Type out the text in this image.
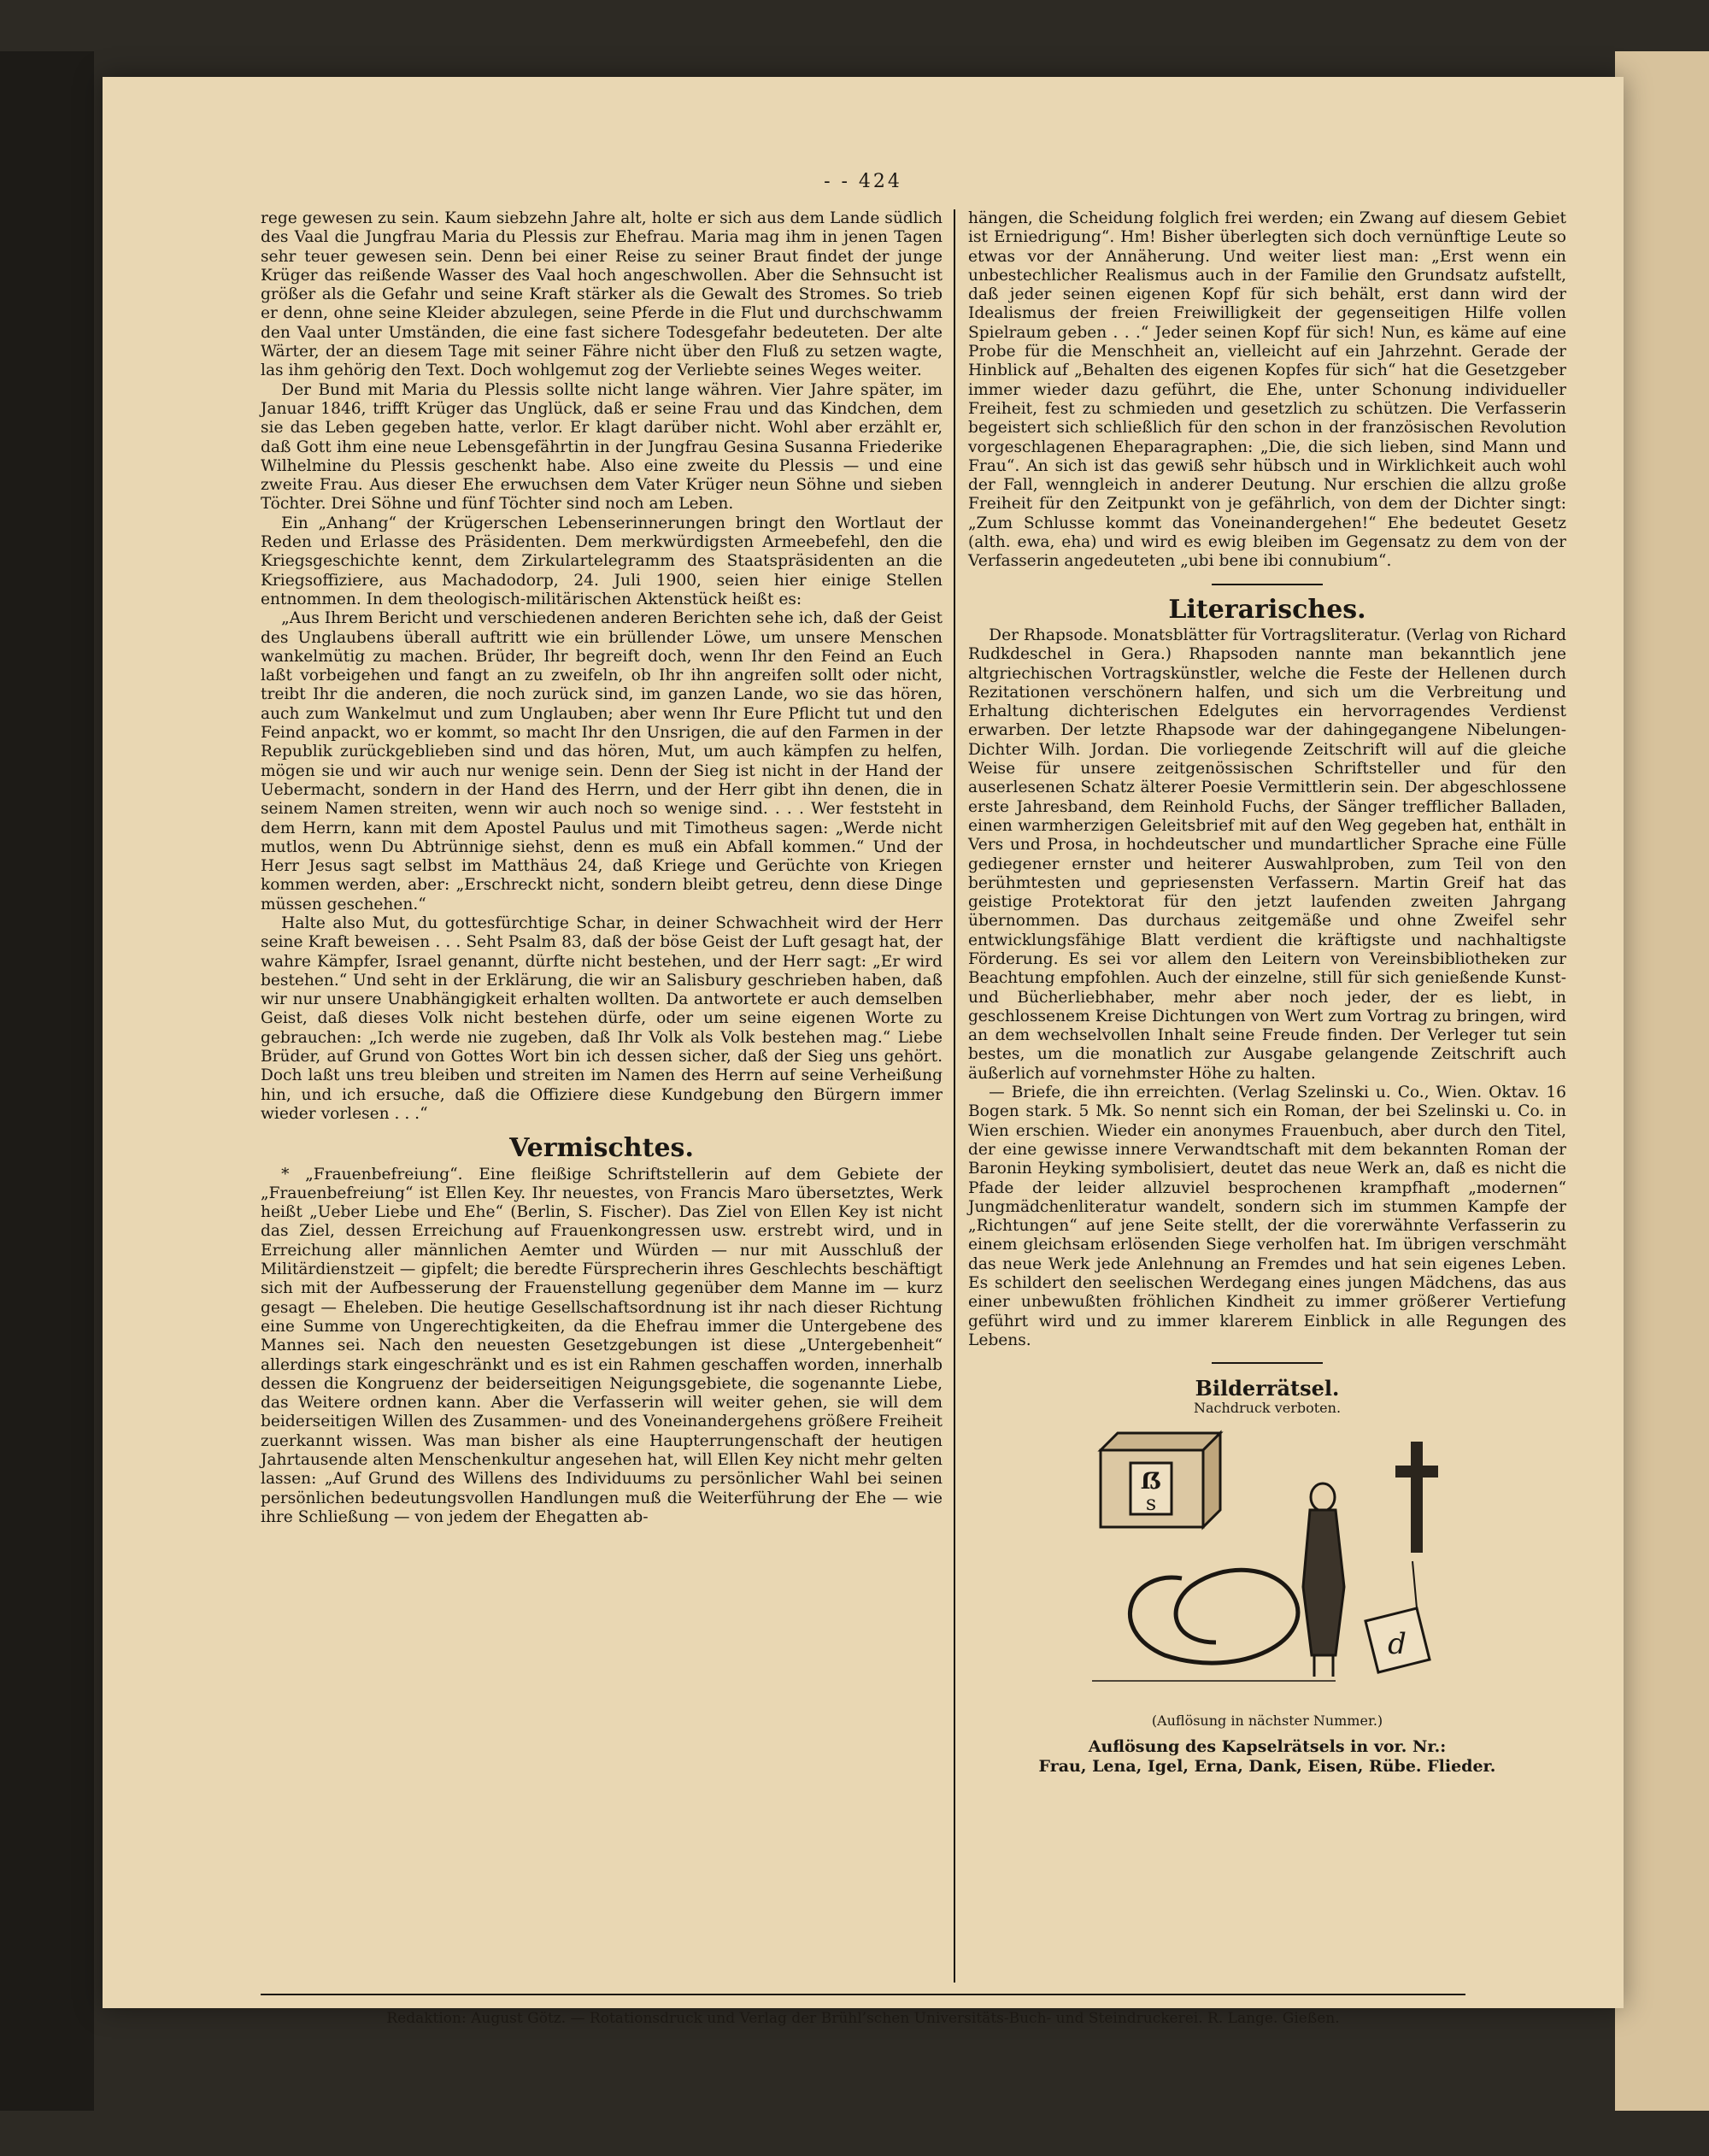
- - 424

rege gewesen zu sein. Kaum siebzehn Jahre alt, holte er sich aus dem Lande südlich des Vaal die Jungfrau Maria du Plessis zur Ehefrau. Maria mag ihm in jenen Tagen sehr teuer gewesen sein. Denn bei einer Reise zu seiner Braut findet der junge Krüger das reißende Wasser des Vaal hoch angeschwollen. Aber die Sehnsucht ist größer als die Gefahr und seine Kraft stärker als die Gewalt des Stromes. So trieb er denn, ohne seine Kleider abzulegen, seine Pferde in die Flut und durchschwamm den Vaal unter Umständen, die eine fast sichere Todesgefahr bedeuteten. Der alte Wärter, der an diesem Tage mit seiner Fähre nicht über den Fluß zu setzen wagte, las ihm gehörig den Text. Doch wohlgemut zog der Verliebte seines Weges weiter.

Der Bund mit Maria du Plessis sollte nicht lange währen. Vier Jahre später, im Januar 1846, trifft Krüger das Unglück, daß er seine Frau und das Kindchen, dem sie das Leben gegeben hatte, verlor. Er klagt darüber nicht. Wohl aber erzählt er, daß Gott ihm eine neue Lebensgefährtin in der Jungfrau Gesina Susanna Friederike Wilhelmine du Plessis geschenkt habe. Also eine zweite du Plessis — und eine zweite Frau. Aus dieser Ehe erwuchsen dem Vater Krüger neun Söhne und sieben Töchter. Drei Söhne und fünf Töchter sind noch am Leben.

Ein „Anhang“ der Krügerschen Lebenserinnerungen bringt den Wortlaut der Reden und Erlasse des Präsidenten. Dem merkwürdigsten Armeebefehl, den die Kriegsgeschichte kennt, dem Zirkulartelegramm des Staatspräsidenten an die Kriegsoffiziere, aus Machadodorp, 24. Juli 1900, seien hier einige Stellen entnommen. In dem theologisch-militärischen Aktenstück heißt es:

„Aus Ihrem Bericht und verschiedenen anderen Berichten sehe ich, daß der Geist des Unglaubens überall auftritt wie ein brüllender Löwe, um unsere Menschen wankelmütig zu machen. Brüder, Ihr begreift doch, wenn Ihr den Feind an Euch laßt vorbeigehen und fangt an zu zweifeln, ob Ihr ihn angreifen sollt oder nicht, treibt Ihr die anderen, die noch zurück sind, im ganzen Lande, wo sie das hören, auch zum Wankelmut und zum Unglauben; aber wenn Ihr Eure Pflicht tut und den Feind anpackt, wo er kommt, so macht Ihr den Unsrigen, die auf den Farmen in der Republik zurückgeblieben sind und das hören, Mut, um auch kämpfen zu helfen, mögen sie und wir auch nur wenige sein. Denn der Sieg ist nicht in der Hand der Uebermacht, sondern in der Hand des Herrn, und der Herr gibt ihn denen, die in seinem Namen streiten, wenn wir auch noch so wenige sind. . . . Wer feststeht in dem Herrn, kann mit dem Apostel Paulus und mit Timotheus sagen: „Werde nicht mutlos, wenn Du Abtrünnige siehst, denn es muß ein Abfall kommen.“ Und der Herr Jesus sagt selbst im Matthäus 24, daß Kriege und Gerüchte von Kriegen kommen werden, aber: „Erschreckt nicht, sondern bleibt getreu, denn diese Dinge müssen geschehen.“

Halte also Mut, du gottesfürchtige Schar, in deiner Schwachheit wird der Herr seine Kraft beweisen . . . Seht Psalm 83, daß der böse Geist der Luft gesagt hat, der wahre Kämpfer, Israel genannt, dürfte nicht bestehen, und der Herr sagt: „Er wird bestehen.“ Und seht in der Erklärung, die wir an Salisbury geschrieben haben, daß wir nur unsere Unabhängigkeit erhalten wollten. Da antwortete er auch demselben Geist, daß dieses Volk nicht bestehen dürfe, oder um seine eigenen Worte zu gebrauchen: „Ich werde nie zugeben, daß Ihr Volk als Volk bestehen mag.“ Liebe Brüder, auf Grund von Gottes Wort bin ich dessen sicher, daß der Sieg uns gehört. Doch laßt uns treu bleiben und streiten im Namen des Herrn auf seine Verheißung hin, und ich ersuche, daß die Offiziere diese Kundgebung den Bürgern immer wieder vorlesen . . .“

Vermischtes.

* „Frauenbefreiung“. Eine fleißige Schriftstellerin auf dem Gebiete der „Frauenbefreiung“ ist Ellen Key. Ihr neuestes, von Francis Maro übersetztes, Werk heißt „Ueber Liebe und Ehe“ (Berlin, S. Fischer). Das Ziel von Ellen Key ist nicht das Ziel, dessen Erreichung auf Frauenkongressen usw. erstrebt wird, und in Erreichung aller männlichen Aemter und Würden — nur mit Ausschluß der Militärdienstzeit — gipfelt; die beredte Fürsprecherin ihres Geschlechts beschäftigt sich mit der Aufbesserung der Frauenstellung gegenüber dem Manne im — kurz gesagt — Eheleben. Die heutige Gesellschaftsordnung ist ihr nach dieser Richtung eine Summe von Ungerechtigkeiten, da die Ehefrau immer die Untergebene des Mannes sei. Nach den neuesten Gesetzgebungen ist diese „Untergebenheit“ allerdings stark eingeschränkt und es ist ein Rahmen geschaffen worden, innerhalb dessen die Kongruenz der beiderseitigen Neigungsgebiete, die sogenannte Liebe, das Weitere ordnen kann. Aber die Verfasserin will weiter gehen, sie will dem beiderseitigen Willen des Zusammen- und des Voneinandergehens größere Freiheit zuerkannt wissen. Was man bisher als eine Haupterrungenschaft der heutigen Jahrtausende alten Menschenkultur angesehen hat, will Ellen Key nicht mehr gelten lassen: „Auf Grund des Willens des Individuums zu persönlicher Wahl bei seinen persönlichen bedeutungsvollen Handlungen muß die Weiterführung der Ehe — wie ihre Schließung — von jedem der Ehegatten ab-

hängen, die Scheidung folglich frei werden; ein Zwang auf diesem Gebiet ist Erniedrigung“. Hm! Bisher überlegten sich doch vernünftige Leute so etwas vor der Annäherung. Und weiter liest man: „Erst wenn ein unbestechlicher Realismus auch in der Familie den Grundsatz aufstellt, daß jeder seinen eigenen Kopf für sich behält, erst dann wird der Idealismus der freien Freiwilligkeit der gegenseitigen Hilfe vollen Spielraum geben . . .“ Jeder seinen Kopf für sich! Nun, es käme auf eine Probe für die Menschheit an, vielleicht auf ein Jahrzehnt. Gerade der Hinblick auf „Behalten des eigenen Kopfes für sich“ hat die Gesetzgeber immer wieder dazu geführt, die Ehe, unter Schonung individueller Freiheit, fest zu schmieden und gesetzlich zu schützen. Die Verfasserin begeistert sich schließlich für den schon in der französischen Revolution vorgeschlagenen Eheparagraphen: „Die, die sich lieben, sind Mann und Frau“. An sich ist das gewiß sehr hübsch und in Wirklichkeit auch wohl der Fall, wenngleich in anderer Deutung. Nur erschien die allzu große Freiheit für den Zeitpunkt von je gefährlich, von dem der Dichter singt: „Zum Schlusse kommt das Voneinandergehen!“ Ehe bedeutet Gesetz (alth. ewa, eha) und wird es ewig bleiben im Gegensatz zu dem von der Verfasserin angedeuteten „ubi bene ibi connubium“.

Literarisches.

Der Rhapsode. Monatsblätter für Vortragsliteratur. (Verlag von Richard Rudkdeschel in Gera.) Rhapsoden nannte man bekanntlich jene altgriechischen Vortragskünstler, welche die Feste der Hellenen durch Rezitationen verschönern halfen, und sich um die Verbreitung und Erhaltung dichterischen Edelgutes ein hervorragendes Verdienst erwarben. Der letzte Rhapsode war der dahingegangene Nibelungen-Dichter Wilh. Jordan. Die vorliegende Zeitschrift will auf die gleiche Weise für unsere zeitgenössischen Schriftsteller und für den auserlesenen Schatz älterer Poesie Vermittlerin sein. Der abgeschlossene erste Jahresband, dem Reinhold Fuchs, der Sänger trefflicher Balladen, einen warmherzigen Geleitsbrief mit auf den Weg gegeben hat, enthält in Vers und Prosa, in hochdeutscher und mundartlicher Sprache eine Fülle gediegener ernster und heiterer Auswahlproben, zum Teil von den berühmtesten und gepriesensten Verfassern. Martin Greif hat das geistige Protektorat für den jetzt laufenden zweiten Jahrgang übernommen. Das durchaus zeitgemäße und ohne Zweifel sehr entwicklungsfähige Blatt verdient die kräftigste und nachhaltigste Förderung. Es sei vor allem den Leitern von Vereinsbibliotheken zur Beachtung empfohlen. Auch der einzelne, still für sich genießende Kunst- und Bücherliebhaber, mehr aber noch jeder, der es liebt, in geschlossenem Kreise Dichtungen von Wert zum Vortrag zu bringen, wird an dem wechselvollen Inhalt seine Freude finden. Der Verleger tut sein bestes, um die monatlich zur Ausgabe gelangende Zeitschrift auch äußerlich auf vornehmster Höhe zu halten.

— Briefe, die ihn erreichten. (Verlag Szelinski u. Co., Wien. Oktav. 16 Bogen stark. 5 Mk. So nennt sich ein Roman, der bei Szelinski u. Co. in Wien erschien. Wieder ein anonymes Frauenbuch, aber durch den Titel, der eine gewisse innere Verwandtschaft mit dem bekannten Roman der Baronin Heyking symbolisiert, deutet das neue Werk an, daß es nicht die Pfade der leider allzuviel besprochenen krampfhaft „modernen“ Jungmädchenliteratur wandelt, sondern sich im stummen Kampfe der „Richtungen“ auf jene Seite stellt, der die vorerwähnte Verfasserin zu einem gleichsam erlösenden Siege verholfen hat. Im übrigen verschmäht das neue Werk jede Anlehnung an Fremdes und hat sein eigenes Leben. Es schildert den seelischen Werdegang eines jungen Mädchens, das aus einer unbewußten fröhlichen Kindheit zu immer größerer Vertiefung geführt wird und zu immer klarerem Einblick in alle Regungen des Lebens.

Bilderrätsel.
Nachdruck verboten.
ẞ
s
d
(Auflösung in nächster Nummer.)
Auflösung des Kapselrätsels in vor. Nr.:
Frau, Lena, Igel, Erna, Dank, Eisen, Rübe. Flieder.
Redaktion: August Götz. — Rotationsdruck und Verlag der Brühl’schen Universitäts-Buch- und Steindruckerei. R. Lange. Gießen.
